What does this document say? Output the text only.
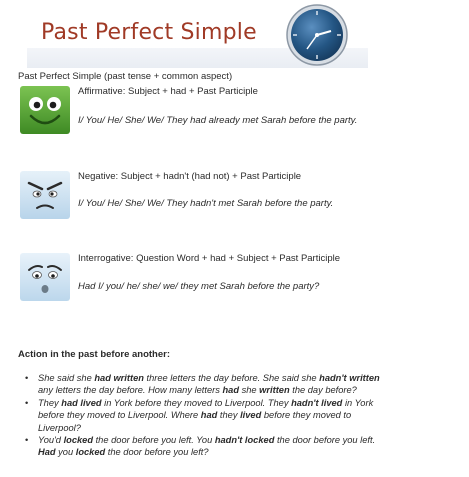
Past Perfect Simple
Past Perfect Simple (past tense + common aspect)
Affirmative: Subject + had + Past Participle
I/ You/ He/ She/ We/ They had already met Sarah before the party.
Negative: Subject + hadn't (had not) + Past Participle
I/ You/ He/ She/ We/ They hadn't met Sarah before the party.
Interrogative: Question Word + had + Subject + Past Participle
Had I/ you/ he/ she/ we/ they met Sarah before the party?
Action in the past before another:
• She said she had written three letters the day before. She said she hadn't written any letters the day before. How many letters had she written the day before?
• They had lived in York before they moved to Liverpool. They hadn't lived in York before they moved to Liverpool. Where had they lived before they moved to Liverpool?
• You'd locked the door before you left. You hadn't locked the door before you left. Had you locked the door before you left?
